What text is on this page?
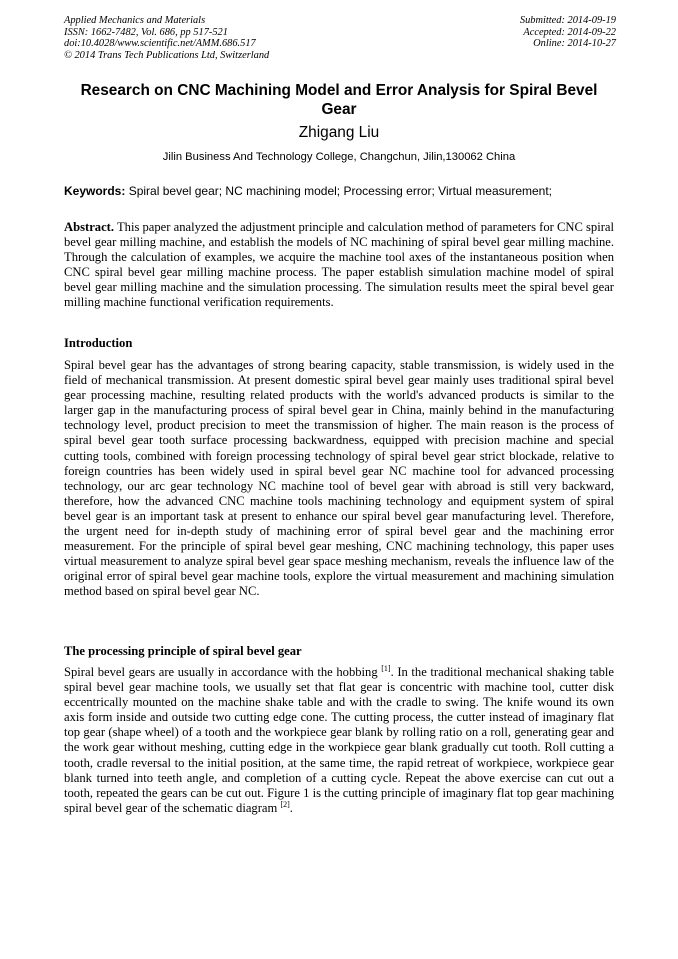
Applied Mechanics and Materials
ISSN: 1662-7482, Vol. 686, pp 517-521
doi:10.4028/www.scientific.net/AMM.686.517
© 2014 Trans Tech Publications Ltd, Switzerland
Submitted: 2014-09-19
Accepted: 2014-09-22
Online: 2014-10-27
Research on CNC Machining Model and Error Analysis for Spiral Bevel Gear
Zhigang Liu
Jilin Business And Technology College, Changchun, Jilin,130062 China
Keywords: Spiral bevel gear; NC machining model; Processing error; Virtual measurement;
Abstract. This paper analyzed the adjustment principle and calculation method of parameters for CNC spiral bevel gear milling machine, and establish the models of NC machining of spiral bevel gear milling machine. Through the calculation of examples, we acquire the machine tool axes of the instantaneous position when CNC spiral bevel gear milling machine process. The paper establish simulation machine model of spiral bevel gear milling machine and the simulation processing. The simulation results meet the spiral bevel gear milling machine functional verification requirements.
Introduction
Spiral bevel gear has the advantages of strong bearing capacity, stable transmission, is widely used in the field of mechanical transmission. At present domestic spiral bevel gear mainly uses traditional spiral bevel gear processing machine, resulting related products with the world's advanced products is similar to the larger gap in the manufacturing process of spiral bevel gear in China, mainly behind in the manufacturing technology level, product precision to meet the transmission of higher. The main reason is the process of spiral bevel gear tooth surface processing backwardness, equipped with precision machine and special cutting tools, combined with foreign processing technology of spiral bevel gear strict blockade, relative to foreign countries has been widely used in spiral bevel gear NC machine tool for advanced processing technology, our arc gear technology NC machine tool of bevel gear with abroad is still very backward, therefore, how the advanced CNC machine tools machining technology and equipment system of spiral bevel gear is an important task at present to enhance our spiral bevel gear manufacturing level. Therefore, the urgent need for in-depth study of machining error of spiral bevel gear and the machining error measurement. For the principle of spiral bevel gear meshing, CNC machining technology, this paper uses virtual measurement to analyze spiral bevel gear space meshing mechanism, reveals the influence law of the original error of spiral bevel gear machine tools, explore the virtual measurement and machining simulation method based on spiral bevel gear NC.
The processing principle of spiral bevel gear
Spiral bevel gears are usually in accordance with the hobbing [1]. In the traditional mechanical shaking table spiral bevel gear machine tools, we usually set that flat gear is concentric with machine tool, cutter disk eccentrically mounted on the machine shake table and with the cradle to swing. The knife wound its own axis form inside and outside two cutting edge cone. The cutting process, the cutter instead of imaginary flat top gear (shape wheel) of a tooth and the workpiece gear blank by rolling ratio on a roll, generating gear and the work gear without meshing, cutting edge in the workpiece gear blank gradually cut tooth. Roll cutting a tooth, cradle reversal to the initial position, at the same time, the rapid retreat of workpiece, workpiece gear blank turned into teeth angle, and completion of a cutting cycle. Repeat the above exercise can cut out a tooth, repeated the gears can be cut out. Figure 1 is the cutting principle of imaginary flat top gear machining spiral bevel gear of the schematic diagram [2].
